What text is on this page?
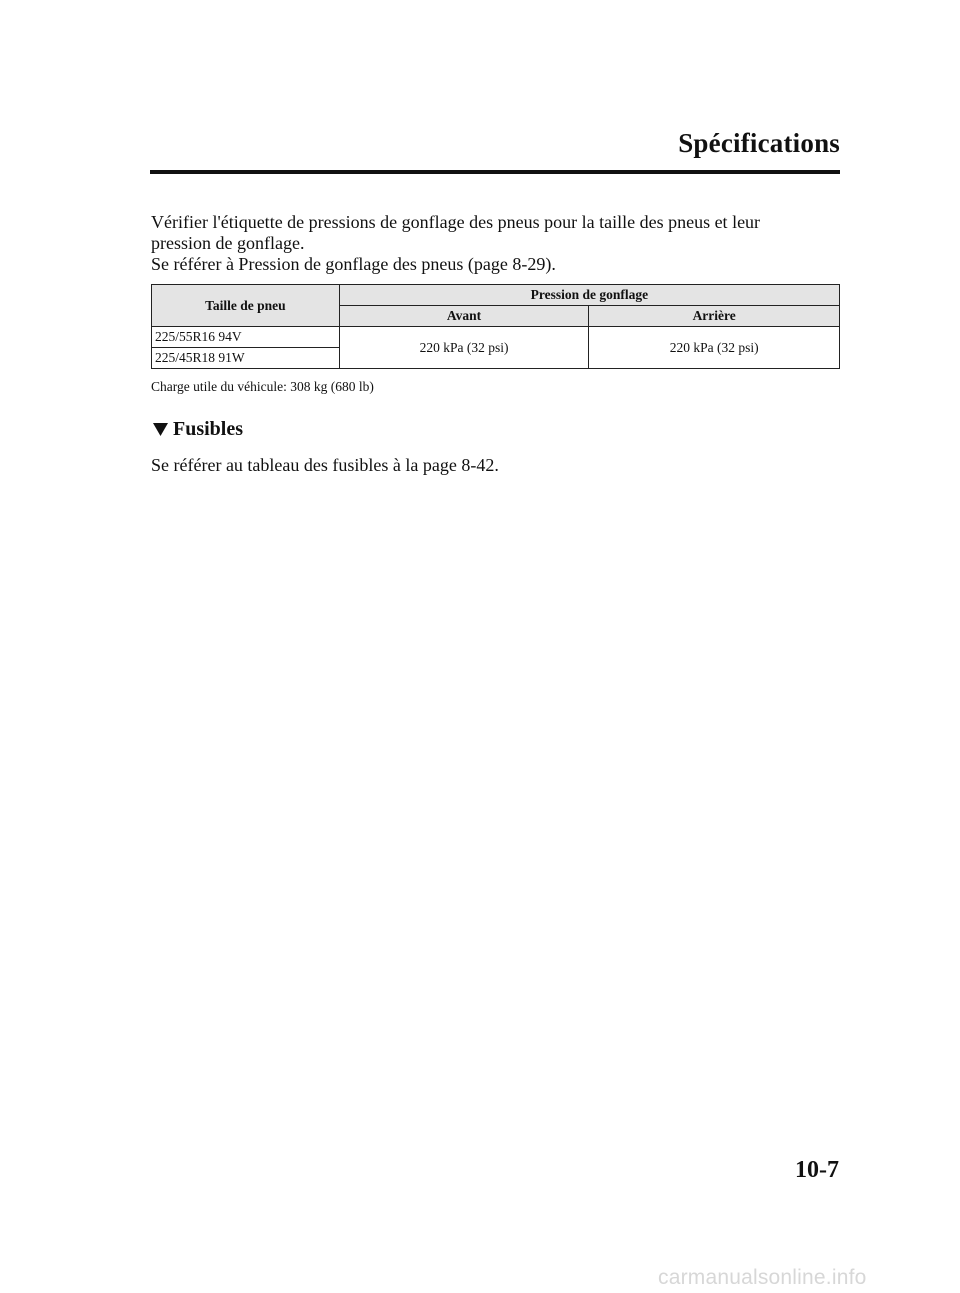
Spécifications
Vérifier l'étiquette de pressions de gonflage des pneus pour la taille des pneus et leur
pression de gonflage.
Se référer à Pression de gonflage des pneus (page 8-29).
Taille de pneu	Pression de gonflage	
	Avant	Arrière
225/55R16 94V	220 kPa (32 psi)	220 kPa (32 psi)
225/45R18 91W		
Charge utile du véhicule: 308 kg (680 lb)
Fusibles
Se référer au tableau des fusibles à la page 8-42.
10-7
carmanualsonline.info
